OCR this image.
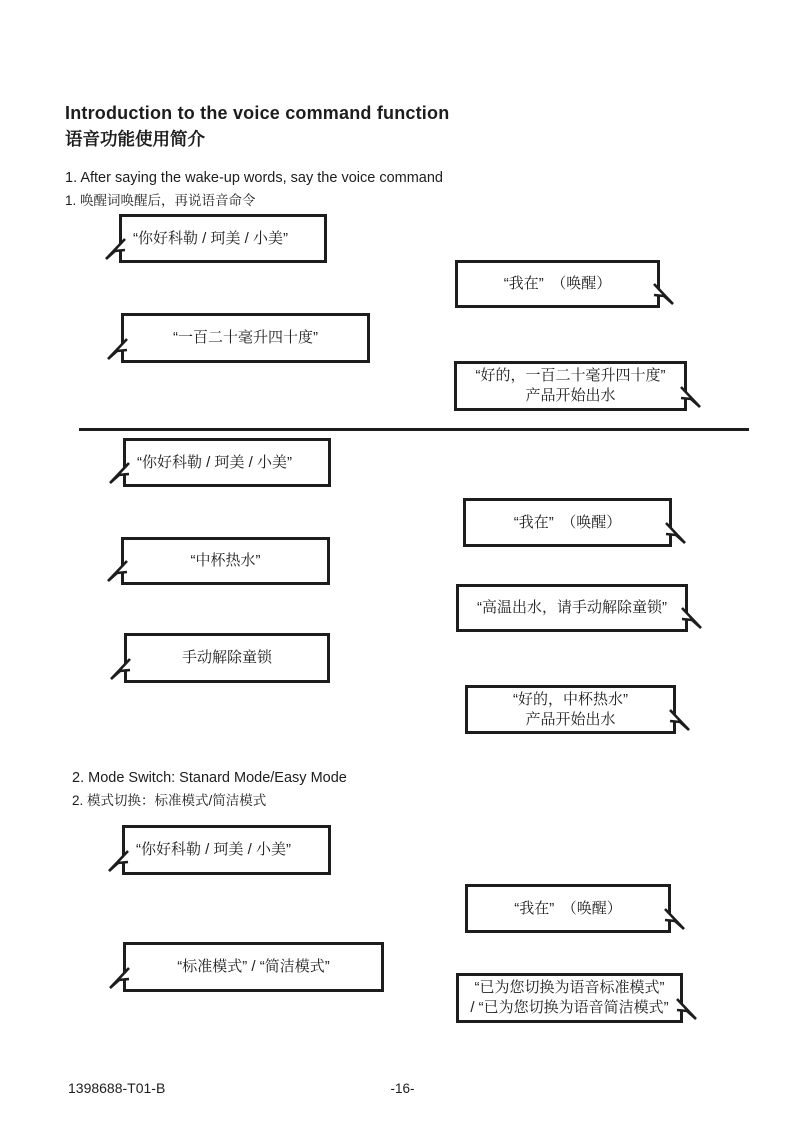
Introduction to the voice command function
语音功能使用简介
1. After saying the wake-up words, say the voice command
1. 唤醒词唤醒后，再说语音命令
“你好科勒 / 珂美 / 小美”
“我在”　（唤醒）
“一百二十毫升四十度”
“好的，一百二十毫升四十度”
产品开始出水
“你好科勒 / 珂美 / 小美”
“我在”　（唤醒）
“中杯热水”
“高温出水，请手动解除童锁”
手动解除童锁
“好的，中杯热水”
产品开始出水
2. Mode Switch: Stanard Mode/Easy Mode
2. 模式切换：标准模式/简洁模式
“你好科勒 / 珂美 / 小美”
“我在”　（唤醒）
“标准模式” / “简洁模式”
“已为您切换为语音标准模式”
/ “已为您切换为语音简洁模式”
1398688-T01-B	-16-
